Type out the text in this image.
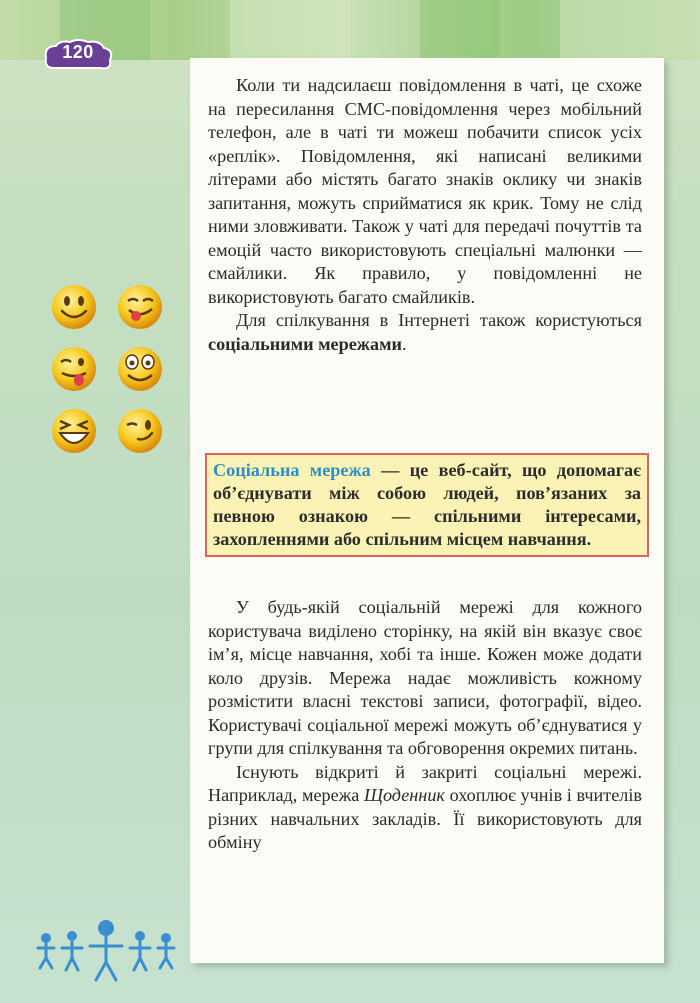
120

Коли ти надсилаєш повідомлення в чаті, це схоже на пересилання СМС-повідомлення через мобільний телефон, але в чаті ти можеш побачити список усіх «реплік». Повідомлення, які написані великими літерами або містять багато знаків оклику чи знаків запитання, можуть сприйматися як крик. Тому не слід ними зловживати. Також у чаті для передачі почуттів та емоцій часто використовують спеціальні малюнки — смайлики. Як правило, у повідомленні не використовують багато смайликів.

Для спілкування в Інтернеті також користуються соціальними мережами.

Соціальна мережа — це веб-сайт, що допомагає об’єднувати між собою людей, пов’язаних за певною ознакою — спільними інтересами, захопленнями або спільним місцем навчання.

У будь-якій соціальній мережі для кожного користувача виділено сторінку, на якій він вказує своє ім’я, місце навчання, хобі та інше. Кожен може додати коло друзів. Мережа надає можливість кожному розмістити власні текстові записи, фотографії, відео. Користувачі соціальної мережі можуть об’єднуватися у групи для спілкування та обговорення окремих питань.

Існують відкриті й закриті соціальні мережі. Наприклад, мережа Щоденник охоплює учнів і вчителів різних навчальних закладів. Її використовують для обміну
